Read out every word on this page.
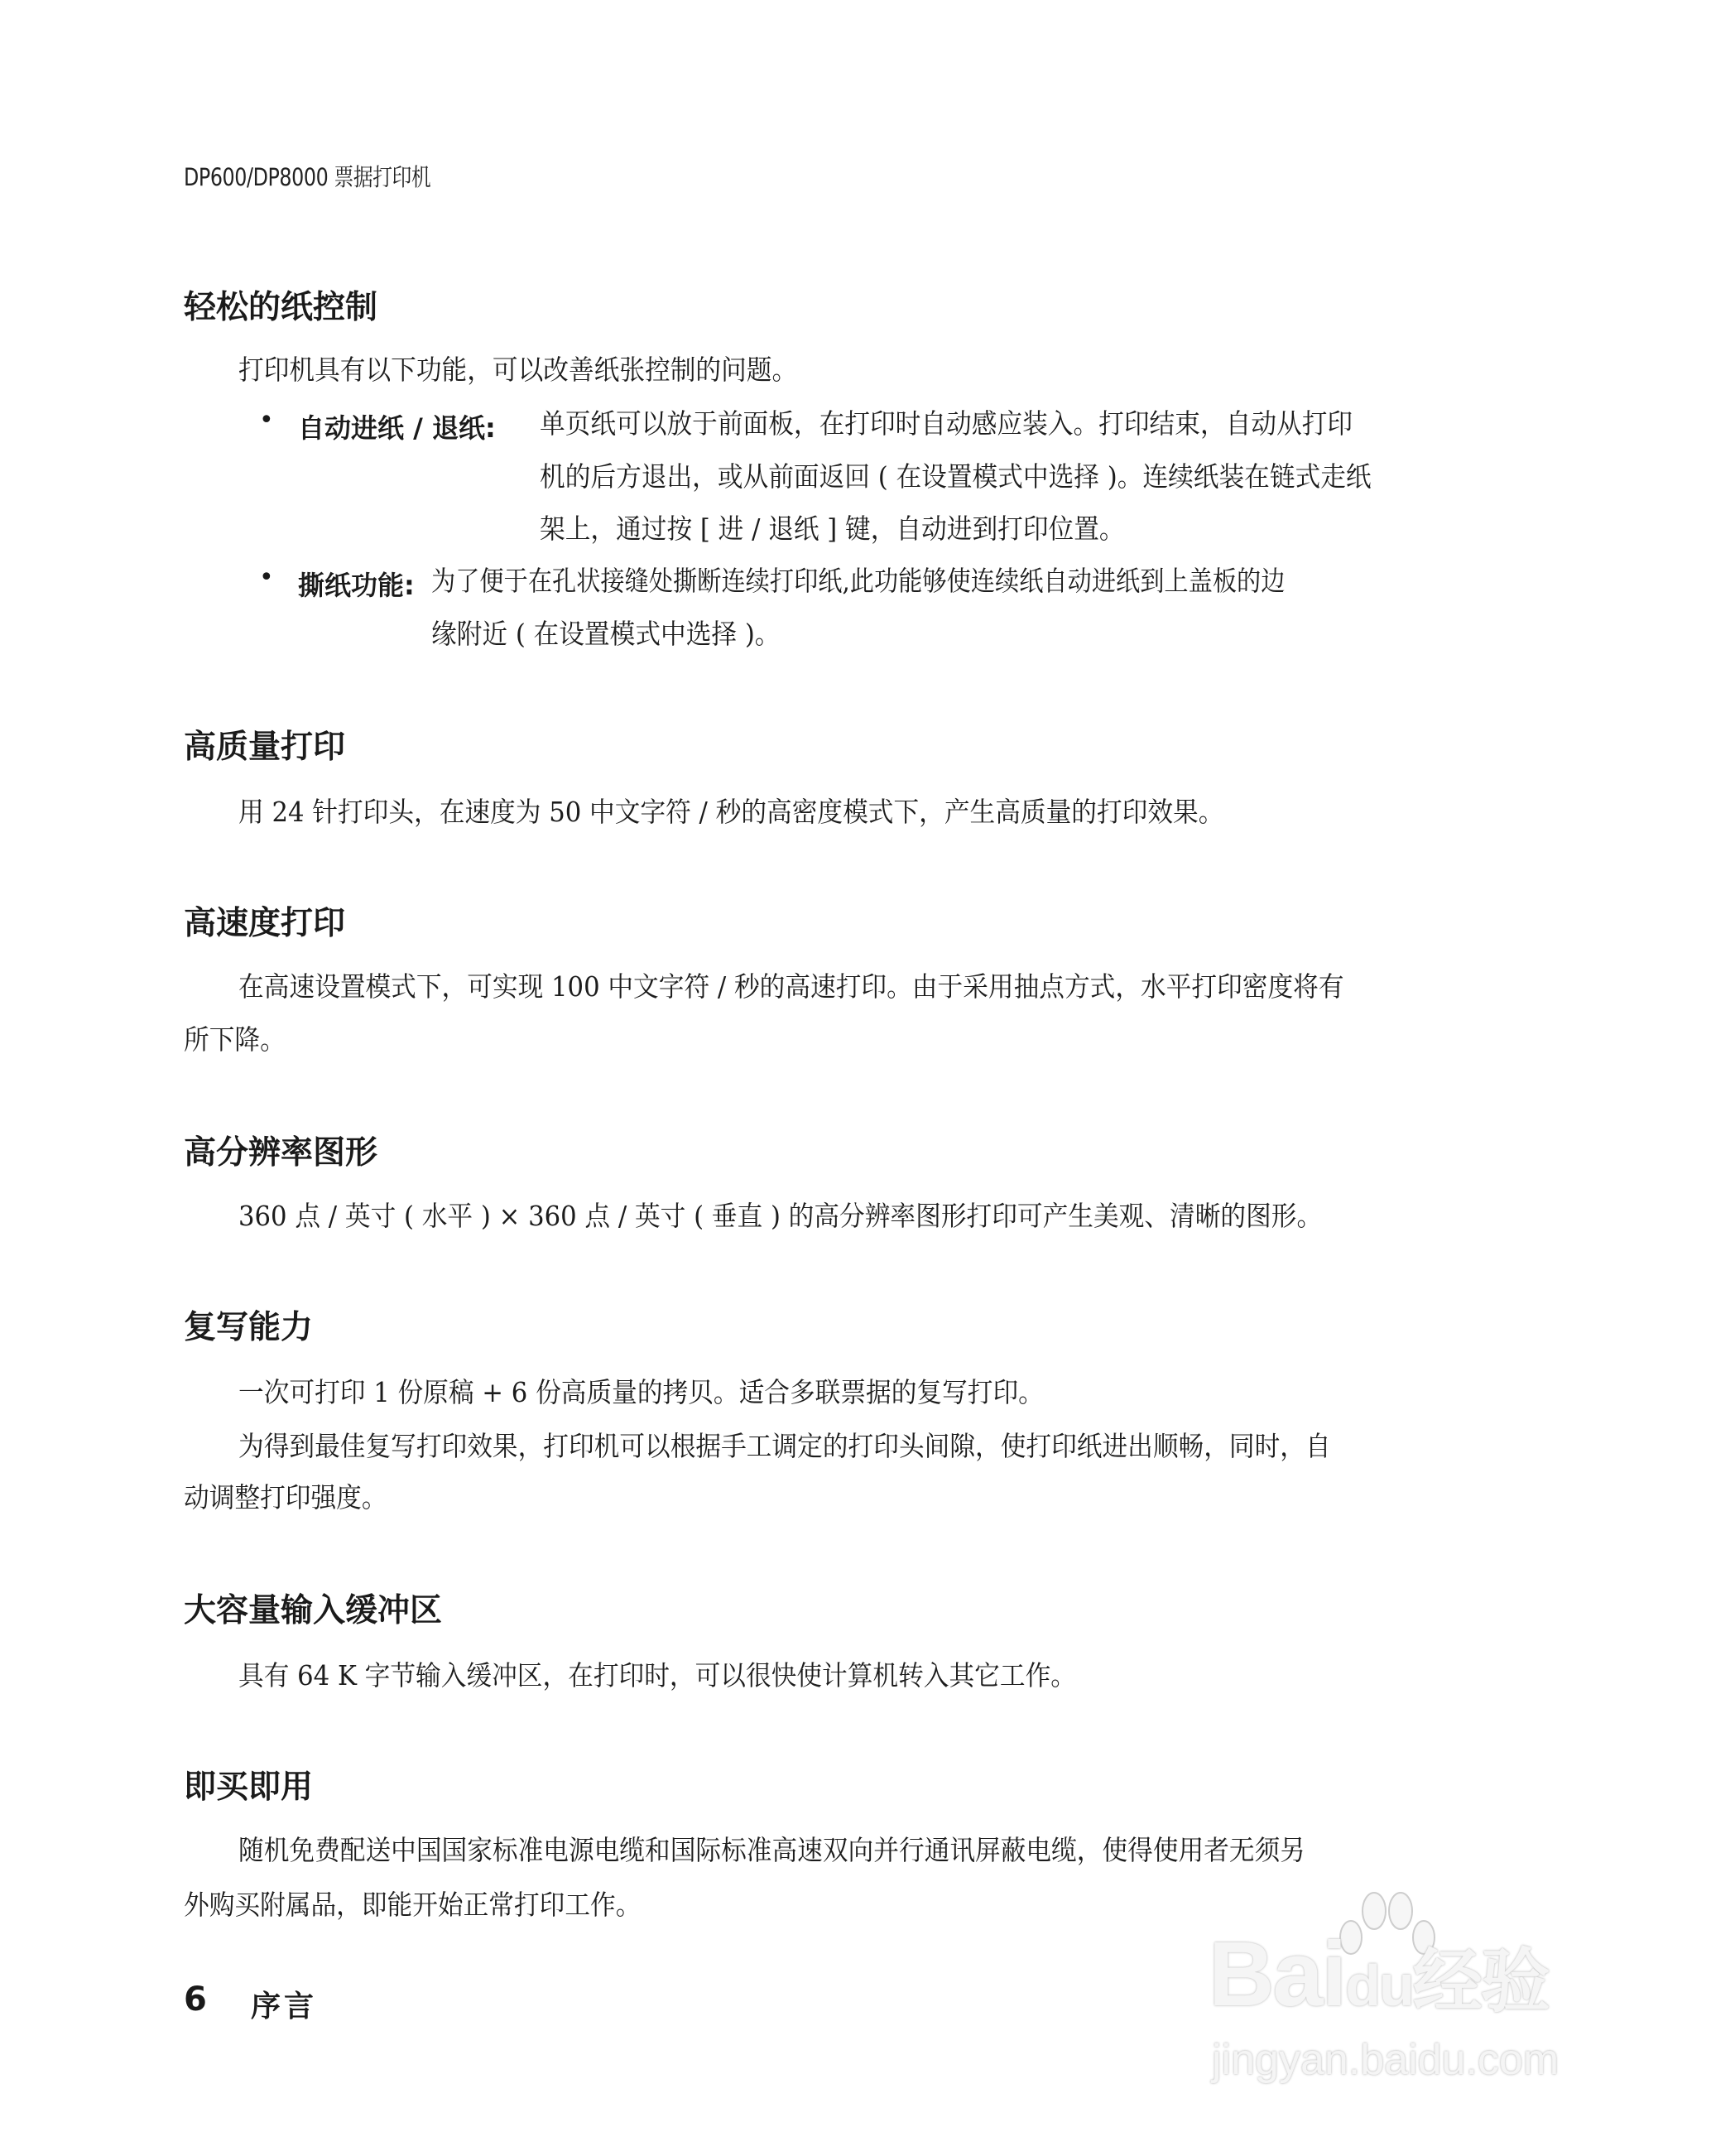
DP600/DP8000 票据打印机
轻松的纸控制
打印机具有以下功能，可以改善纸张控制的问题。
• 自动进纸 / 退纸: 单页纸可以放于前面板，在打印时自动感应装入。打印结束，自动从打印
机的后方退出，或从前面返回 ( 在设置模式中选择 )。连续纸装在链式走纸
架上，通过按 [ 进 / 退纸 ] 键，自动进到打印位置。
• 撕纸功能: 为了便于在孔状接缝处撕断连续打印纸,此功能够使连续纸自动进纸到上盖板的边
缘附近 ( 在设置模式中选择 )。
高质量打印
用 24 针打印头，在速度为 50 中文字符 / 秒的高密度模式下，产生高质量的打印效果。
高速度打印
在高速设置模式下，可实现 100 中文字符 / 秒的高速打印。由于采用抽点方式，水平打印密度将有
所下降。
高分辨率图形
360 点 / 英寸 ( 水平 ) × 360 点 / 英寸 ( 垂直 ) 的高分辨率图形打印可产生美观、清晰的图形。
复写能力
一次可打印 1 份原稿 + 6 份高质量的拷贝。适合多联票据的复写打印。
为得到最佳复写打印效果，打印机可以根据手工调定的打印头间隙，使打印纸进出顺畅，同时，自
动调整打印强度。
大容量输入缓冲区
具有 64 K 字节输入缓冲区，在打印时，可以很快使计算机转入其它工作。
即买即用
随机免费配送中国国家标准电源电缆和国际标准高速双向并行通讯屏蔽电缆，使得使用者无须另
外购买附属品，即能开始正常打印工作。
6 序言	Baidu经验
jingyan.baidu.com
